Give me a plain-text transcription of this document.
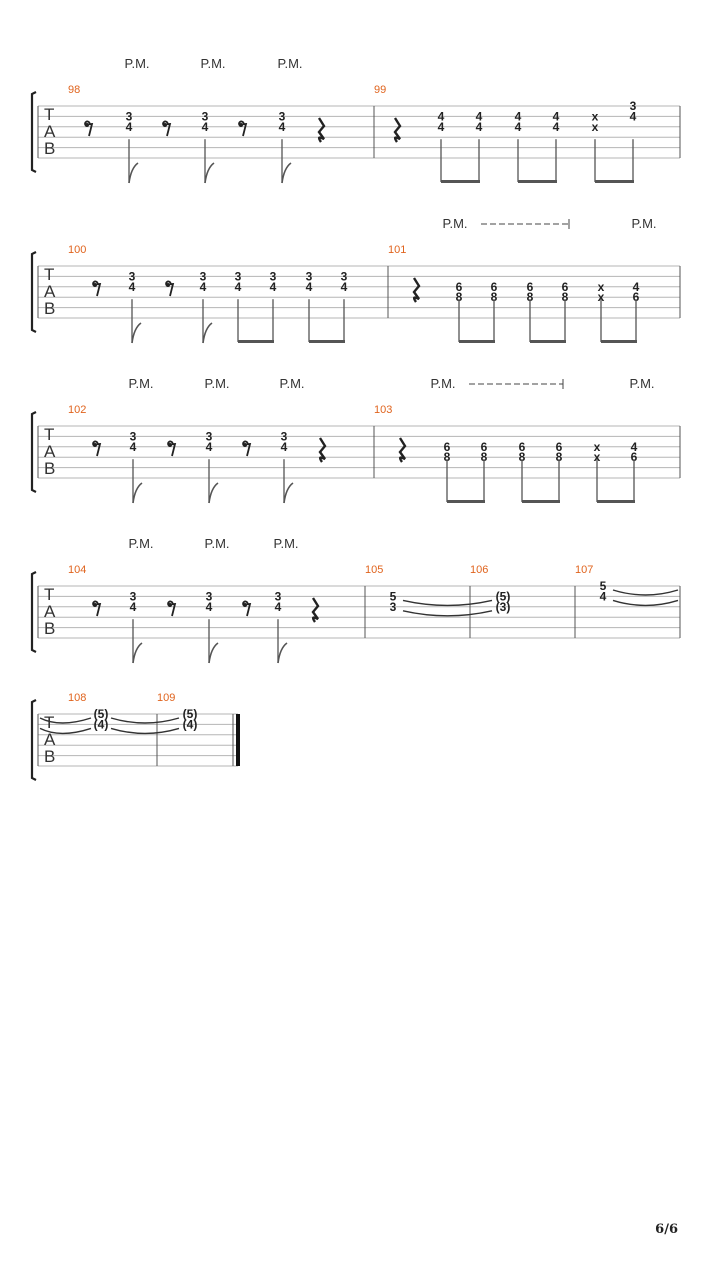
T
A
B
98
3
4
P.M.
3
4
P.M.
3
4
P.M.
99
4
4
4
4
4
4
4
4
x
x
3
4
T
A
B
100
3
4
3
4
3
4
3
4
3
4
3
4
101
6
8
P.M.
6
8
6
8
6
8
x
x
4
6
P.M.
T
A
B
102
3
4
P.M.
3
4
P.M.
3
4
P.M.
103
6
8
P.M.
6
8
6
8
6
8
x
x
4
6
P.M.
T
A
B
104
3
4
P.M.
3
4
P.M.
3
4
P.M.
105
5
3
106
(5)
(3)
107
5
4
T
A
B
108
(5)
(4)
109
(5)
(4)
6/6
